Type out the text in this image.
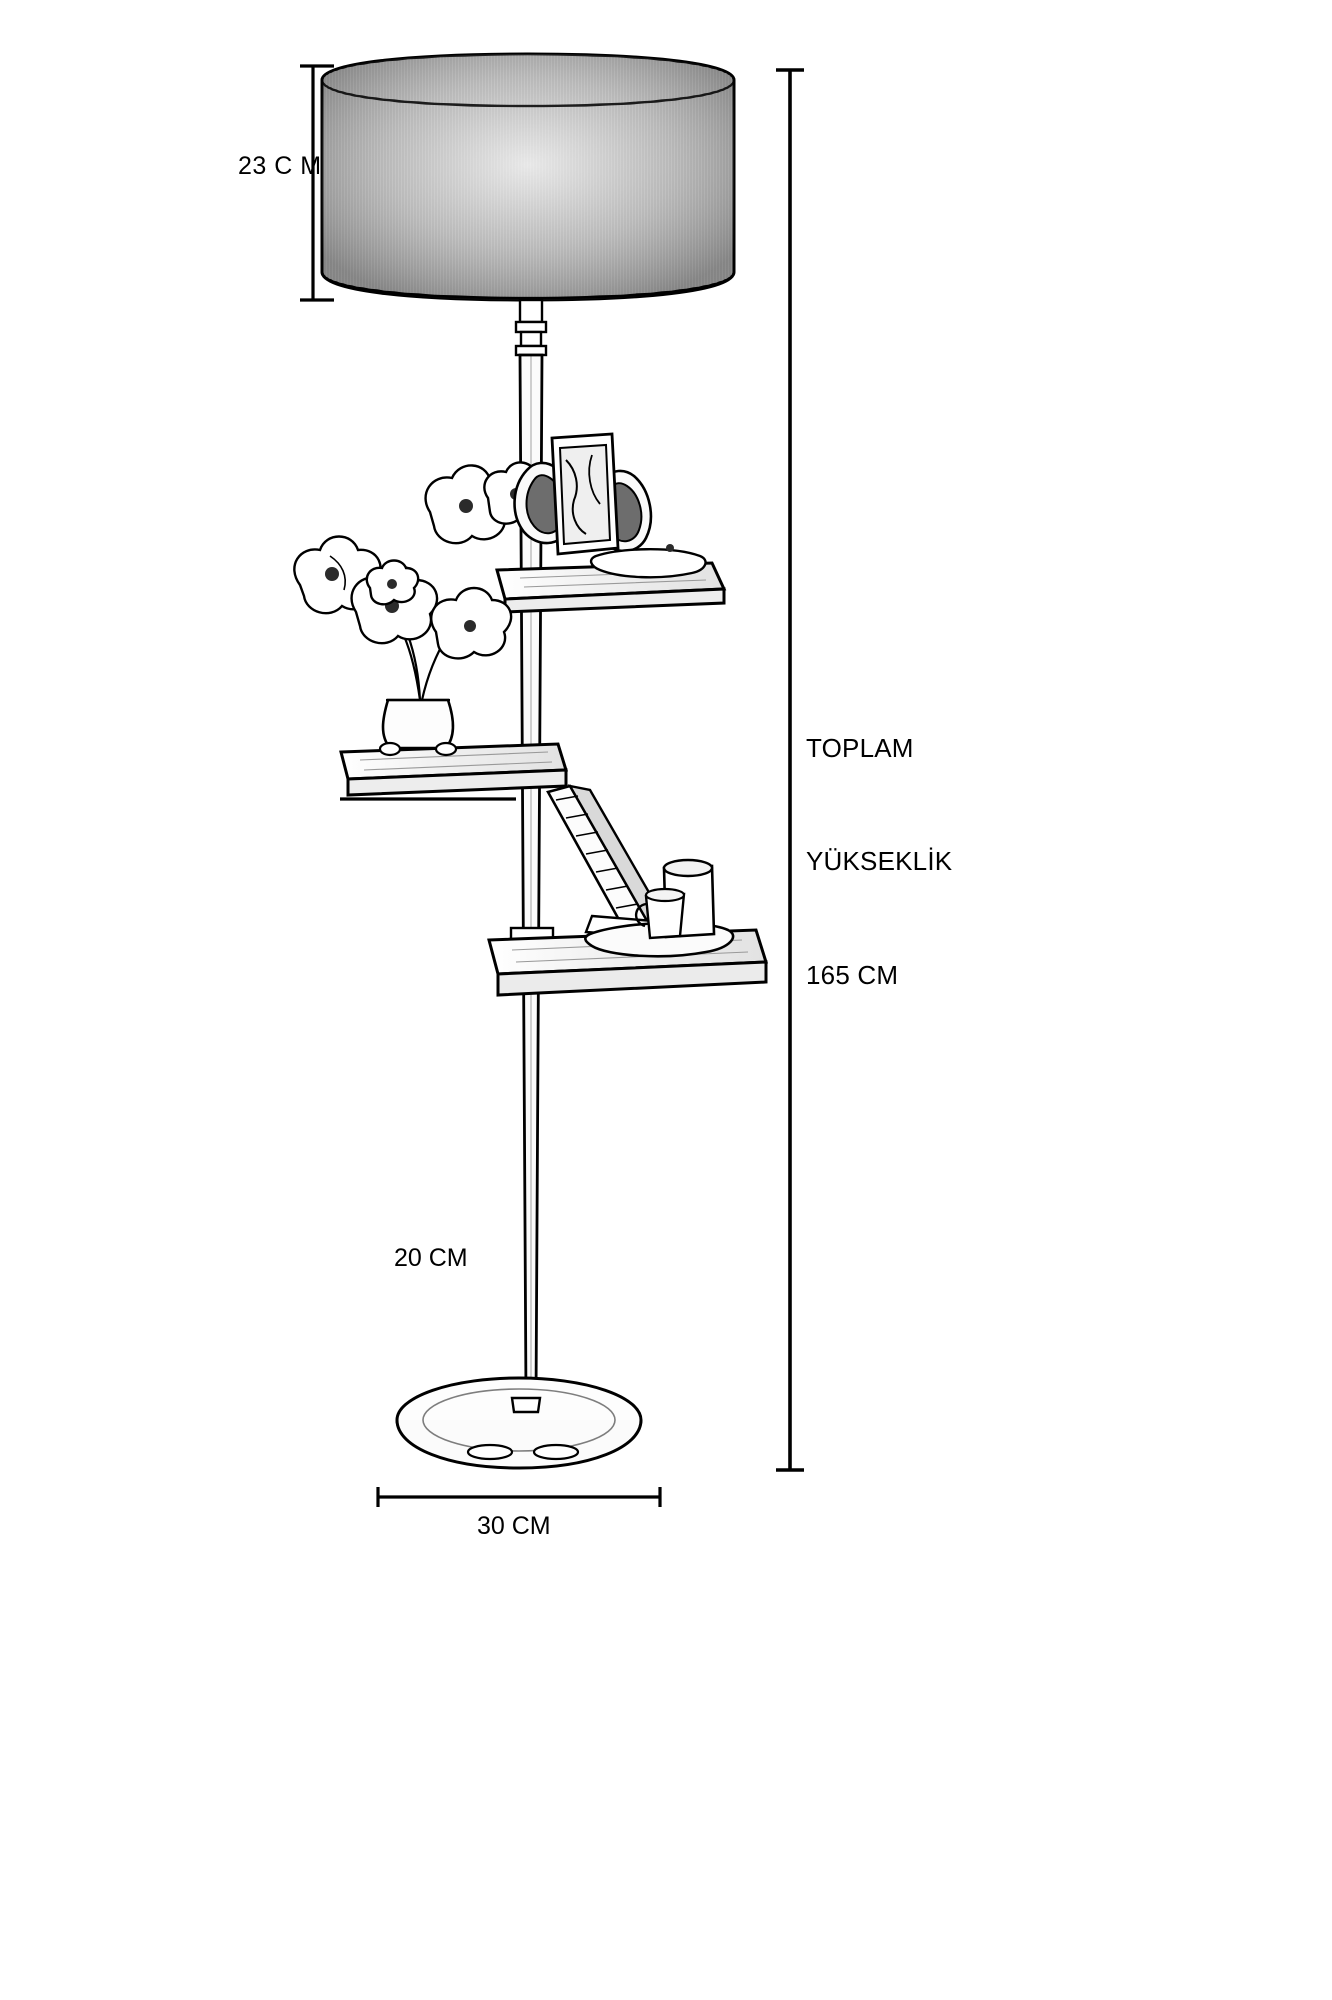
23 C M

TOPLAM

YÜKSEKLİK

165 CM

20 CM
30 CM
